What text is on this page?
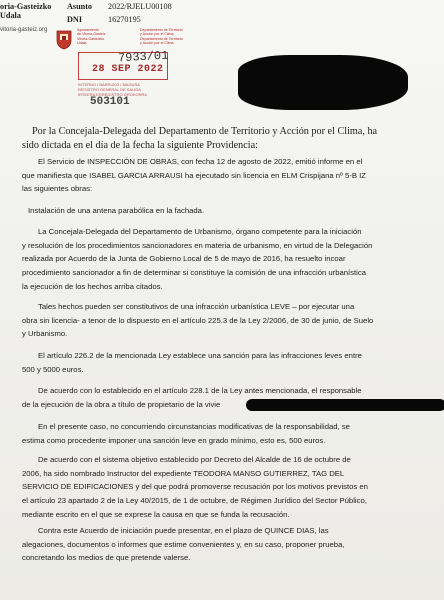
oria-Gasteizko
Udala
Asunto 2022/RJELU00108
DNI	16270195
vitoria-gasteiz.org	Ayuntamiento
de Vitoria-Gasteiz
Vitoria-Gasteizko
Udala
Departamento de Territorio
y Acción por el Clima
Departamento de Territorio
y Acción por el Clima
7933/01
28 SEP 2022
INTERNO / BARRUKO / MAGUSA
REGISTRO GENERAL DE SALIDA
IRTEERA ERREGISTRO OROKORRA
503101
Por la Concejala-Delegada del Departamento de Territorio y Acción por el Clima, ha
sido dictada en el día de la fecha la siguiente Providencia:
El Servicio de INSPECCIÓN DE OBRAS, con fecha 12 de agosto de 2022, emitió informe en el
que manifiesta que ISABEL GARCIA ARRAUSI ha ejecutado sin licencia en ELM Crispijana nº 5-B IZ
las siguientes obras:
Instalación de una antena parabólica en la fachada.
La Concejala-Delegada del Departamento de Urbanismo, órgano competente para la iniciación
y resolución de los procedimientos sancionadores en materia de urbanismo, en virtud de la Delegación
realizada por Acuerdo de la Junta de Gobierno Local de 5 de mayo de 2016, ha resuelto incoar
procedimiento sancionador a fin de determinar si constituye la comisión de una infracción urbanística
la ejecución de los hechos arriba citados.
Tales hechos pueden ser constitutivos de una infracción urbanística LEVE – por ejecutar una
obra sin licencia- a tenor de lo dispuesto en el artículo 225.3 de la Ley 2/2006, de 30 de junio, de Suelo
y Urbanismo.
El artículo 226.2 de la mencionada Ley establece una sanción para las infracciones leves entre
500 y 5000 euros.
De acuerdo con lo establecido en el artículo 228.1 de la Ley antes mencionada, el responsable
de la ejecución de la obra a título de propietario de la vivie
En el presente caso, no concurriendo circunstancias modificativas de la responsabilidad, se
estima como procedente imponer una sanción leve en grado mínimo, esto es, 500 euros.
De acuerdo con el sistema objetivo establecido por Decreto del Alcalde de 16 de octubre de
2006, ha sido nombrado Instructor del expediente TEODORA MANSO GUTIERREZ, TAG DEL
SERVICIO DE EDIFICACIONES y del que podrá promoverse recusación por los motivos previstos en
el artículo 23 apartado 2 de la Ley 40/2015, de 1 de octubre, de Régimen Jurídico del Sector Público,
mediante escrito en el que se exprese la causa en que se funda la recusación.
Contra este Acuerdo de iniciación puede presentar, en el plazo de QUINCE DIAS, las
alegaciones, documentos o informes que estime convenientes y, en su caso, proponer prueba,
concretando los medios de que pretende valerse.
